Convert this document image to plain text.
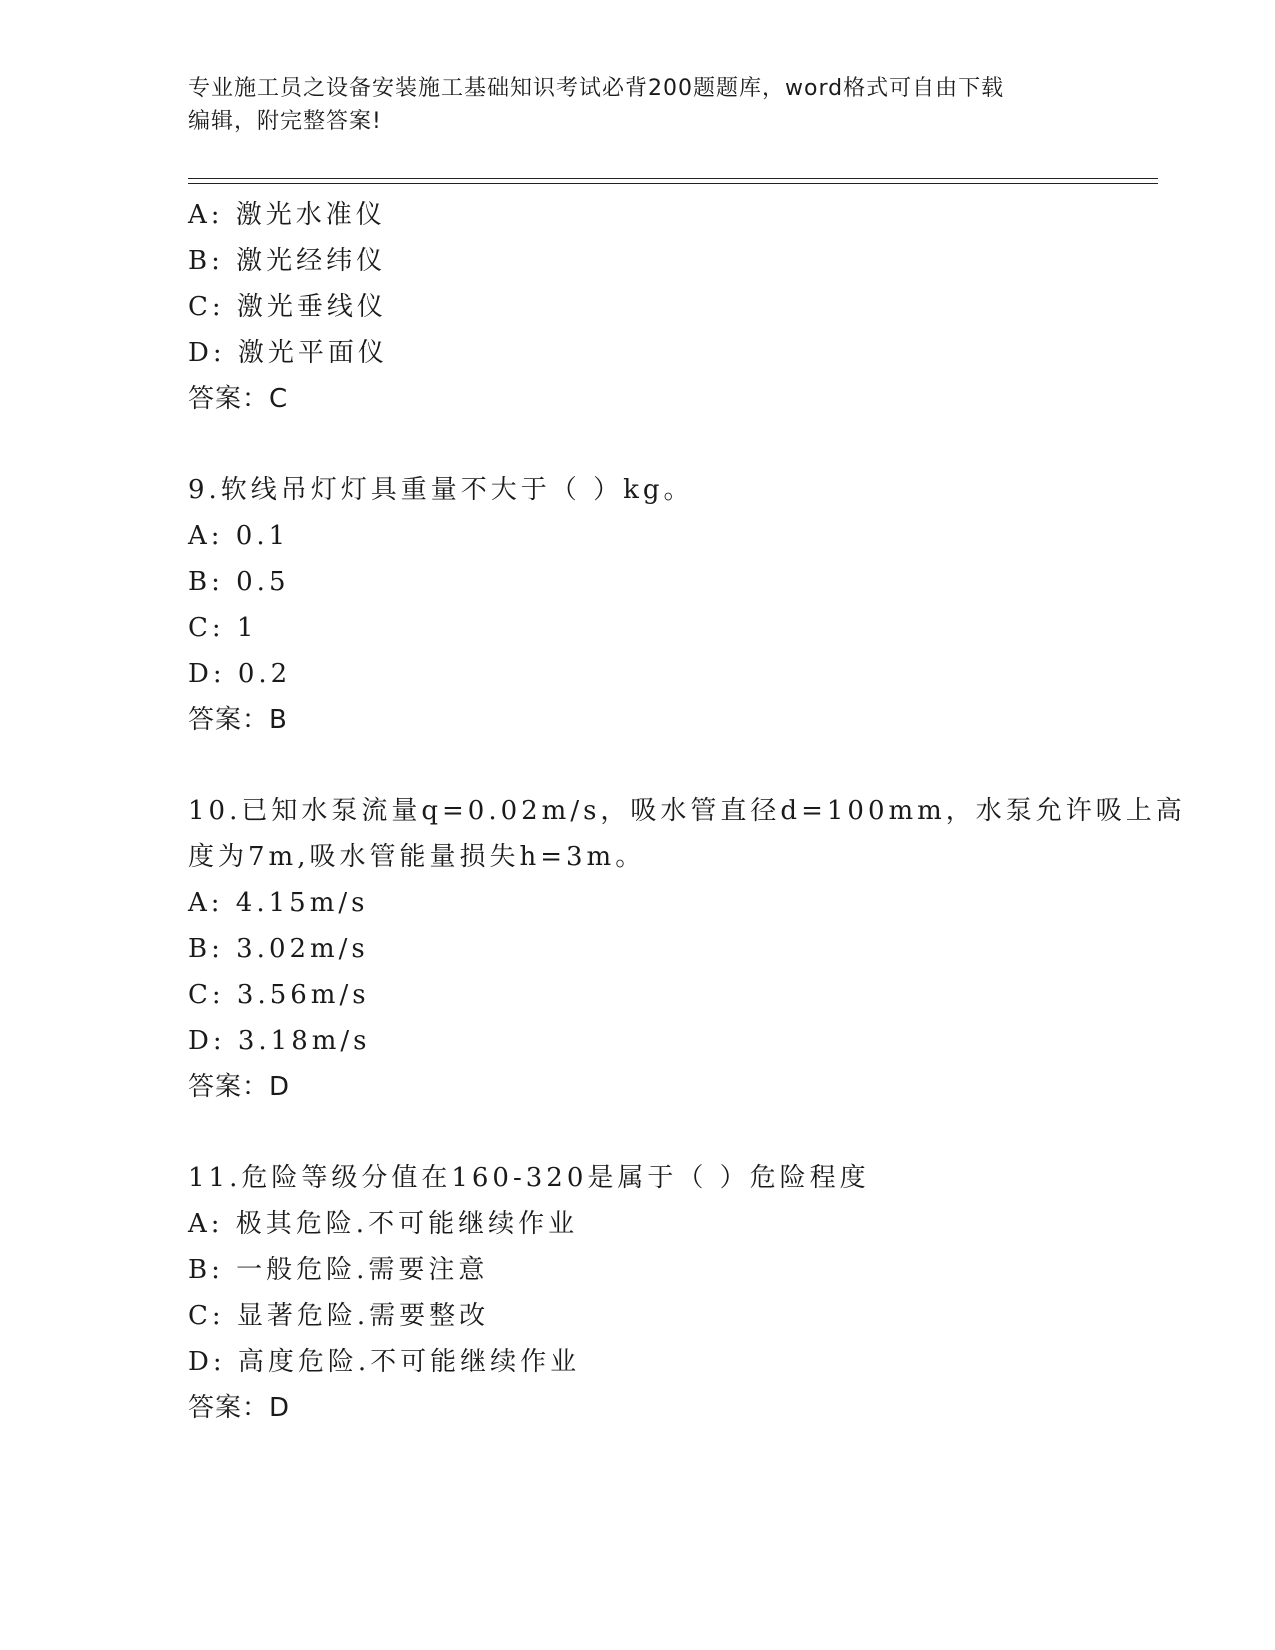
专业施工员之设备安装施工基础知识考试必背200题题库，word格式可自由下载
编辑，附完整答案!
A: 激光水准仪
B: 激光经纬仪
C: 激光垂线仪
D: 激光平面仪
答案：C
9.软线吊灯灯具重量不大于（ ）kg。
A: 0.1
B: 0.5
C: 1
D: 0.2
答案：B
10.已知水泵流量q=0.02m/s，吸水管直径d=100mm，水泵允许吸上高
度为7m,吸水管能量损失h=3m。
A: 4.15m/s
B: 3.02m/s
C: 3.56m/s
D: 3.18m/s
答案：D
11.危险等级分值在160-320是属于（ ）危险程度
A: 极其危险.不可能继续作业
B: 一般危险.需要注意
C: 显著危险.需要整改
D: 高度危险.不可能继续作业
答案：D
